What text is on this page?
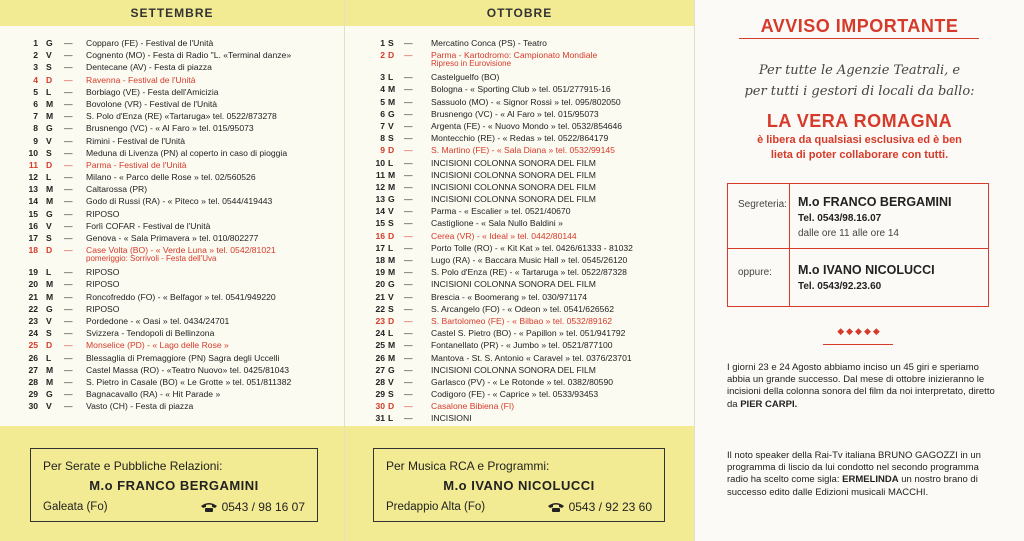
SETTEMBRE
1 G — Copparo (FE) - Festival de l'Unità
2 V — Cognento (MO) - Festa di Radio "L. «Terminal danze»
3 S — Dentecane (AV) - Festa di piazza
4 D — Ravenna - Festival de l'Unità
5 L — Borbiago (VE) - Festa dell'Amicizia
6 M — Bovolone (VR) - Festival de l'Unità
7 M — S. Polo d'Enza (RE) «Tartaruga» tel. 0522/873278
8 G — Brusnengo (VC) - « Al Faro » tel. 015/95073
9 V — Rimini - Festival de l'Unità
10 S — Meduna di Livenza (PN) al coperto in caso di pioggia
11 D — Parma - Festival de l'Unità
12 L — Milano - « Parco delle Rose » tel. 02/560526
13 M — Caltarossa (PR)
14 M — Godo di Russi (RA) - « Piteco » tel. 0544/419443
15 G — RIPOSO
16 V — Forlì COFAR - Festival de l'Unità
17 S — Genova - « Sala Primavera » tel. 010/802277
18 D — Case Volta (BO) - « Verde Luna » tel. 0542/81021
pomeriggio: Sorrivoli - Festa dell'Uva
19 L — RIPOSO
20 M — RIPOSO
21 M — Roncofreddo (FO) - « Belfagor » tel. 0541/949220
22 G — RIPOSO
23 V — Pordedone - « Oasi » tel. 0434/24701
24 S — Svizzera - Tendopoli di Bellinzona
25 D — Monselice (PD) - « Lago delle Rose »
26 L — Blessaglia di Premaggiore (PN) Sagra degli Uccelli
27 M — Castel Massa (RO) - «Teatro Nuovo» tel. 0425/81043
28 M — S. Pietro in Casale (BO) « Le Grotte » tel. 051/811382
29 G — Bagnacavallo (RA) - « Hit Parade »
30 V — Vasto (CH) - Festa di piazza
Per Serate e Pubbliche Relazioni:
M.o FRANCO BERGAMINI
Galeata (Fo)	0543 / 98 16 07
OTTOBRE
1 S — Mercatino Conca (PS) - Teatro
2 D — Parma - Kartodromo: Campionato Mondiale
Ripreso in Eurovisione
3 L — Castelguelfo (BO)
4 M — Bologna - « Sporting Club » tel. 051/277915-16
5 M — Sassuolo (MO) - « Signor Rossi » tel. 095/802050
6 G — Brusnengo (VC) - « Al Faro » tel. 015/95073
7 V — Argenta (FE) - « Nuovo Mondo » tel. 0532/854646
8 S — Montecchio (RE) - « Redas » tel. 0522/864179
9 D — S. Martino (FE) - « Sala Diana » tel. 0532/99145
10 L — INCISIONI COLONNA SONORA DEL FILM
11 M — INCISIONI COLONNA SONORA DEL FILM
12 M — INCISIONI COLONNA SONORA DEL FILM
13 G — INCISIONI COLONNA SONORA DEL FILM
14 V — Parma - « Escalier » tel. 0521/40670
15 S — Castiglione - « Sala Nullo Baldini »
16 D — Cerea (VR) - « Ideal » tel. 0442/80144
17 L — Porto Tolle (RO) - « Kit Kat » tel. 0426/61333 - 81032
18 M — Lugo (RA) - « Baccara Music Hall » tel. 0545/26120
19 M — S. Polo d'Enza (RE) - « Tartaruga » tel. 0522/87328
20 G — INCISIONI COLONNA SONORA DEL FILM
21 V — Brescia - « Boomerang » tel. 030/971174
22 S — S. Arcangelo (FO) - « Odeon » tel. 0541/626562
23 D — S. Bartolomeo (FE) - « Bilbao » tel. 0532/89162
24 L — Castel S. Pietro (BO) - « Papillon » tel. 051/941792
25 M — Fontanellato (PR) - « Jumbo » tel. 0521/877100
26 M — Mantova - St. S. Antonio « Caravel » tel. 0376/23701
27 G — INCISIONI COLONNA SONORA DEL FILM
28 V — Garlasco (PV) - « Le Rotonde » tel. 0382/80590
29 S — Codigoro (FE) - « Caprice » tel. 0533/93453
30 D — Casalone Bibiena (FI)
31 L — INCISIONI
Per Musica RCA e Programmi:
M.o IVANO NICOLUCCI
Predappio Alta (Fo)	0543 / 92 23 60
AVVISO IMPORTANTE
Per tutte le Agenzie Teatrali, e
per tutti i gestori di locali da ballo:
LA VERA ROMAGNA
è libera da qualsiasi esclusiva ed è ben
lieta di poter collaborare con tutti.
Segreteria: M.o FRANCO BERGAMINI
Tel. 0543/98.16.07
dalle ore 11 alle ore 14
oppure: M.o IVANO NICOLUCCI
Tel. 0543/92.23.60
◆◆◆◆◆
I giorni 23 e 24 Agosto abbiamo inciso un 45 giri e speriamo abbia un grande successo. Dal mese di ottobre inizieranno le incisioni della colonna sonora del film da noi interpretato, diretto da PIER CARPI.
Il noto speaker della Rai-Tv italiana BRUNO GAGOZZI in un programma di liscio da lui condotto nel secondo programma radio ha scelto come sigla: ERMELINDA un nostro brano di successo edito dalle Edizioni musicali MACCHI.
